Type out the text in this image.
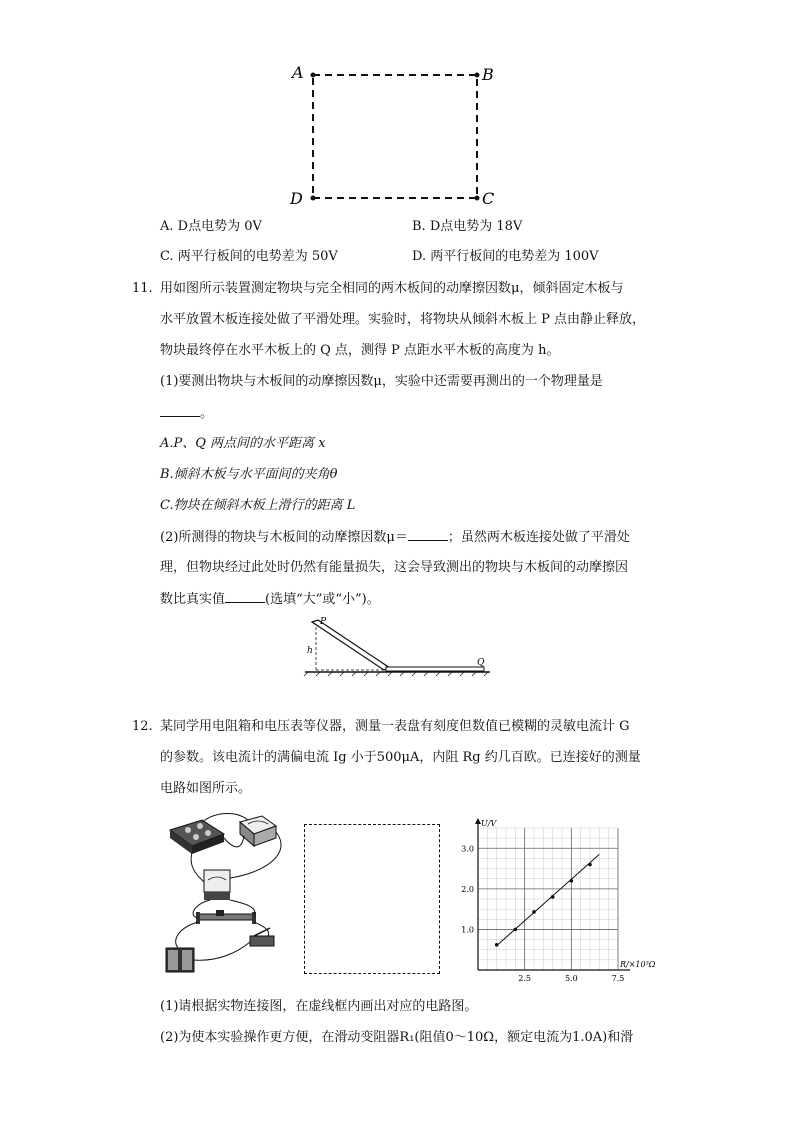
A	B
C
D
A. D点电势为 0V	B. D点电势为 18V
C. 两平行板间的电势差为 50V	D. 两平行板间的电势差为 100V
11. 用如图所示装置测定物块与完全相同的两木板间的动摩擦因数μ，倾斜固定木板与
水平放置木板连接处做了平滑处理。实验时，将物块从倾斜木板上 P 点由静止释放，
物块最终停在水平木板上的 Q 点，测得 P 点距水平木板的高度为 h。
(1)要测出物块与木板间的动摩擦因数μ，实验中还需要再测出的一个物理量是
。
A.P、Q 两点间的水平距离 x
B.倾斜木板与水平面间的夹角θ
C.物块在倾斜木板上滑行的距离 L
(2)所测得的物块与木板间的动摩擦因数μ＝	；虽然两木板连接处做了平滑处
理，但物块经过此处时仍然有能量损失，这会导致测出的物块与木板间的动摩擦因
数比真实值	(选填“大”或“小”)。
P
h
Q
12. 某同学用电阻箱和电压表等仪器，测量一表盘有刻度但数值已模糊的灵敏电流计 G
的参数。该电流计的满偏电流 Ig 小于500μA，内阻 Rg 约几百欧。已连接好的测量
电路如图所示。
1.0
2.0
3.0
2.5	5.0	7.5
U/V
R/×10³Ω
(1)请根据实物连接图，在虚线框内画出对应的电路图。
(2)为使本实验操作更方便，在滑动变阻器R₁(阻值0～10Ω，额定电流为1.0A)和滑
